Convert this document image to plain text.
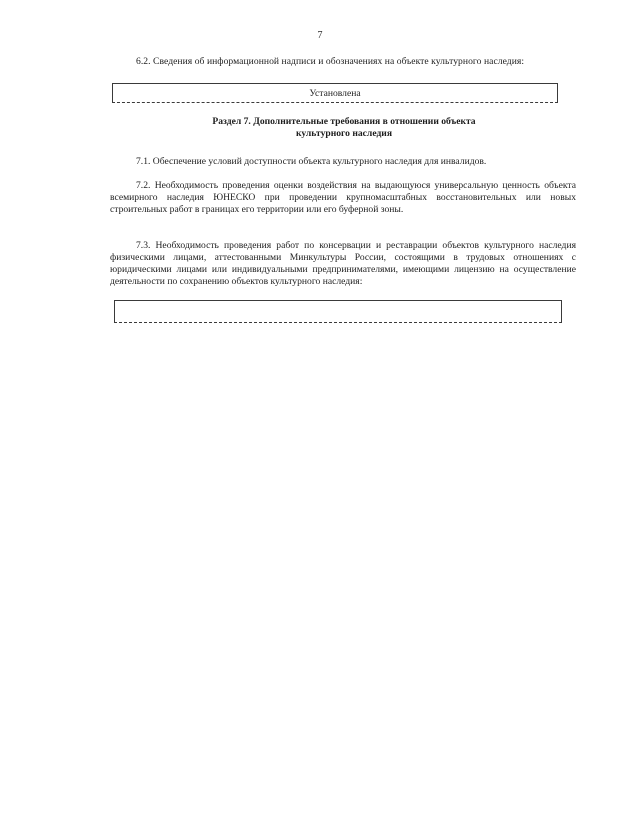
7
6.2. Сведения об информационной надписи и обозначениях на объекте культурного наследия:
Установлена
Раздел 7. Дополнительные требования в отношении объекта
культурного наследия
7.1. Обеспечение условий доступности объекта культурного наследия для инвалидов.
7.2. Необходимость проведения оценки воздействия на выдающуюся универсальную ценность объекта всемирного наследия ЮНЕСКО при проведении крупномасштабных восстановительных или новых строительных работ в границах его территории или его буферной зоны.
7.3. Необходимость проведения работ по консервации и реставрации объектов культурного наследия физическими лицами, аттестованными Минкультуры России, состоящими в трудовых отношениях с юридическими лицами или индивидуальными предпринимателями, имеющими лицензию на осуществление деятельности по сохранению объектов культурного наследия:
